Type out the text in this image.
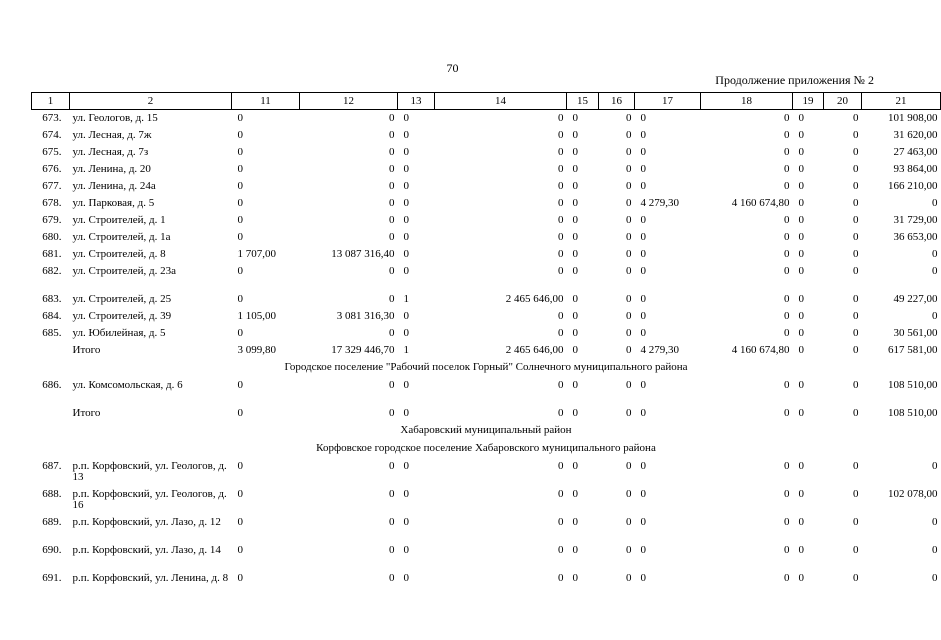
70
Продолжение приложения № 2
1	2	11	12	13	14	15	16	17	18	19	20	21
673.	ул. Геологов, д. 15	0	0	0	0	0	0	0	0	0	0	101 908,00
674.	ул. Лесная, д. 7ж	0	0	0	0	0	0	0	0	0	0	31 620,00
675.	ул. Лесная, д. 7з	0	0	0	0	0	0	0	0	0	0	27 463,00
676.	ул. Ленина, д. 20	0	0	0	0	0	0	0	0	0	0	93 864,00
677.	ул. Ленина, д. 24а	0	0	0	0	0	0	0	0	0	0	166 210,00
678.	ул. Парковая, д. 5	0	0	0	0	0	0	4 279,30	4 160 674,80	0	0	0
679.	ул. Строителей, д. 1	0	0	0	0	0	0	0	0	0	0	31 729,00
680.	ул. Строителей, д. 1а	0	0	0	0	0	0	0	0	0	0	36 653,00
681.	ул. Строителей, д. 8	1 707,00	13 087 316,40	0	0	0	0	0	0	0	0	0
682.	ул. Строителей, д. 23а	0	0	0	0	0	0	0	0	0	0	0
683.	ул. Строителей, д. 25	0	0	1	2 465 646,00	0	0	0	0	0	0	49 227,00
684.	ул. Строителей, д. 39	1 105,00	3 081 316,30	0	0	0	0	0	0	0	0	0
685.	ул. Юбилейная, д. 5	0	0	0	0	0	0	0	0	0	0	30 561,00
	Итого	3 099,80	17 329 446,70	1	2 465 646,00	0	0	4 279,30	4 160 674,80	0	0	617 581,00
Городское поселение "Рабочий поселок Горный" Солнечного муниципального района												
686.	ул. Комсомольская, д. 6	0	0	0	0	0	0	0	0	0	0	108 510,00
	Итого	0	0	0	0	0	0	0	0	0	0	108 510,00
Хабаровский муниципальный район												
Корфовское городское поселение Хабаровского муниципального района												
687.	р.п. Корфовский, ул. Геологов, д. 13	0	0	0	0	0	0	0	0	0	0	0
688.	р.п. Корфовский, ул. Геологов, д. 16	0	0	0	0	0	0	0	0	0	0	102 078,00
689.	р.п. Корфовский, ул. Лазо, д. 12	0	0	0	0	0	0	0	0	0	0	0
690.	р.п. Корфовский, ул. Лазо, д. 14	0	0	0	0	0	0	0	0	0	0	0
691.	р.п. Корфовский, ул. Ленина, д. 8	0	0	0	0	0	0	0	0	0	0	0
